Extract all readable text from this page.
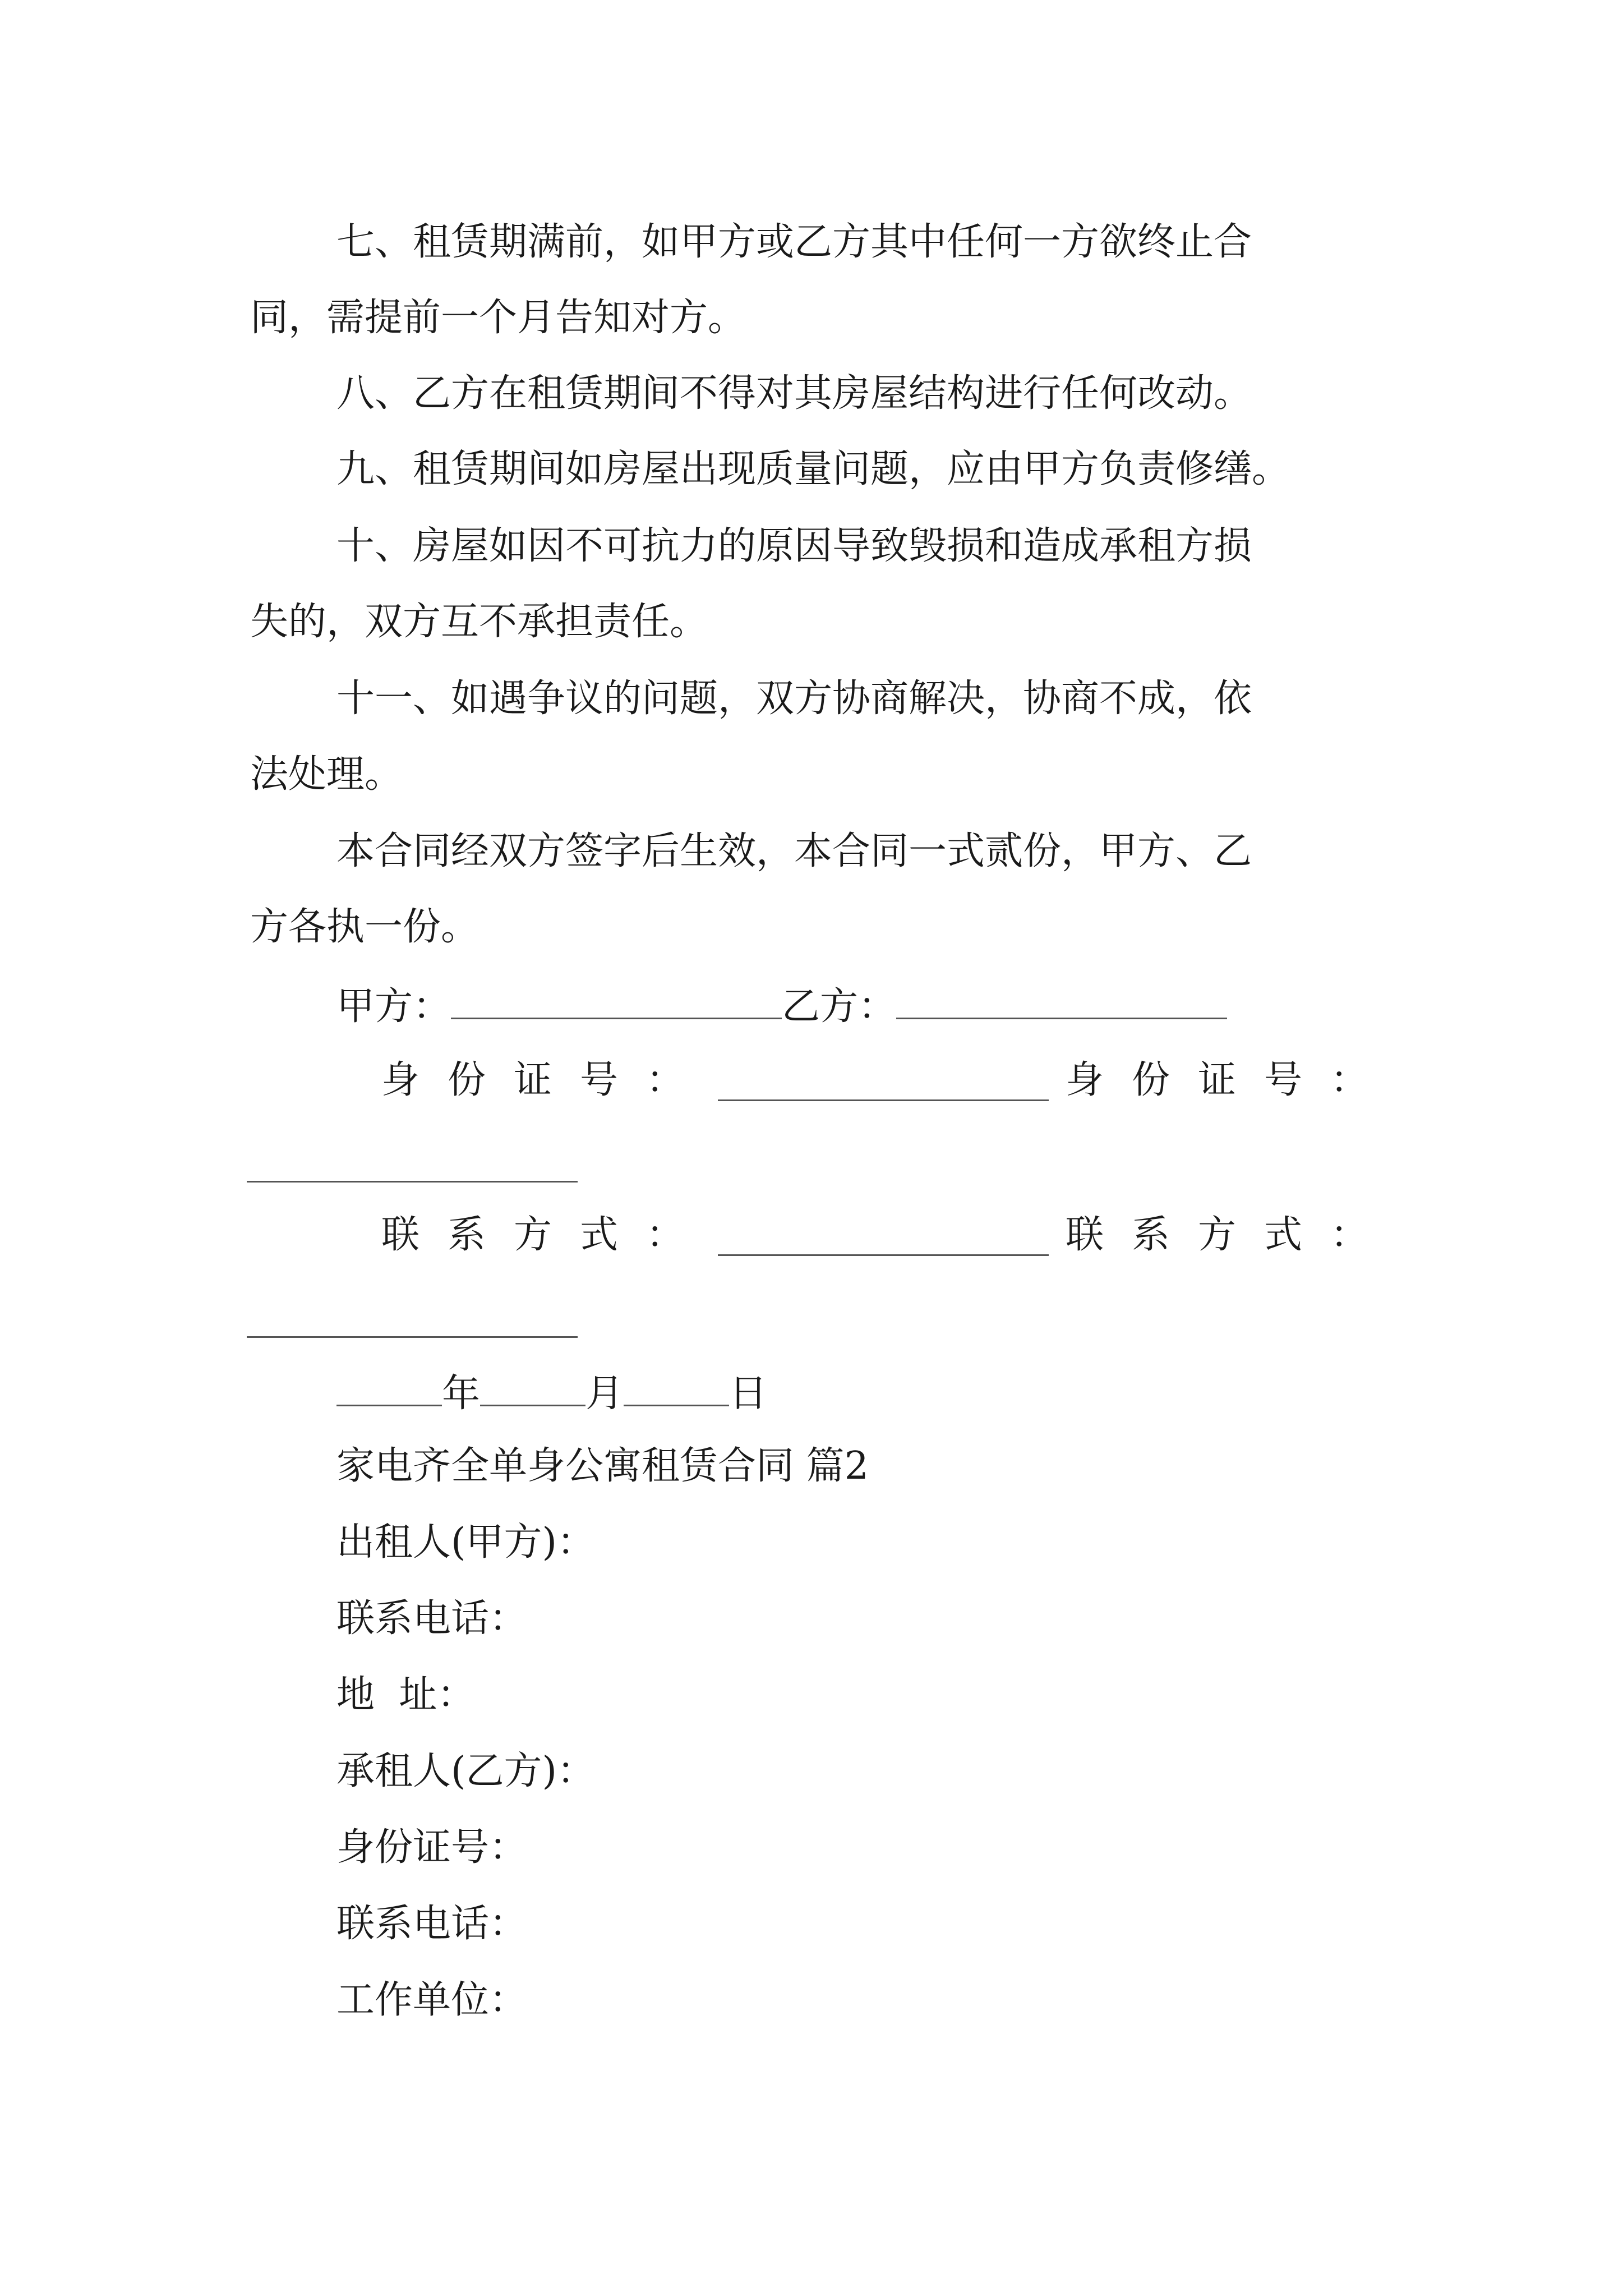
七、租赁期满前，如甲方或乙方其中任何一方欲终止合
同，需提前一个月告知对方。
八、乙方在租赁期间不得对其房屋结构进行任何改动。
九、租赁期间如房屋出现质量问题，应由甲方负责修缮。
十、房屋如因不可抗力的原因导致毁损和造成承租方损
失的，双方互不承担责任。
十一、如遇争议的问题，双方协商解决，协商不成，依
法处理。
本合同经双方签字后生效，本合同一式贰份，甲方、乙
方各执一份。
甲方：	乙方：
身 份 证 号 ：	身 份 证 号 ：
联 系 方 式 ：	联 系 方 式 ：
年	月	日
家电齐全单身公寓租赁合同 篇2
出租人(甲方)：
联系电话：
地  址：
承租人(乙方)：
身份证号：
联系电话：
工作单位：
